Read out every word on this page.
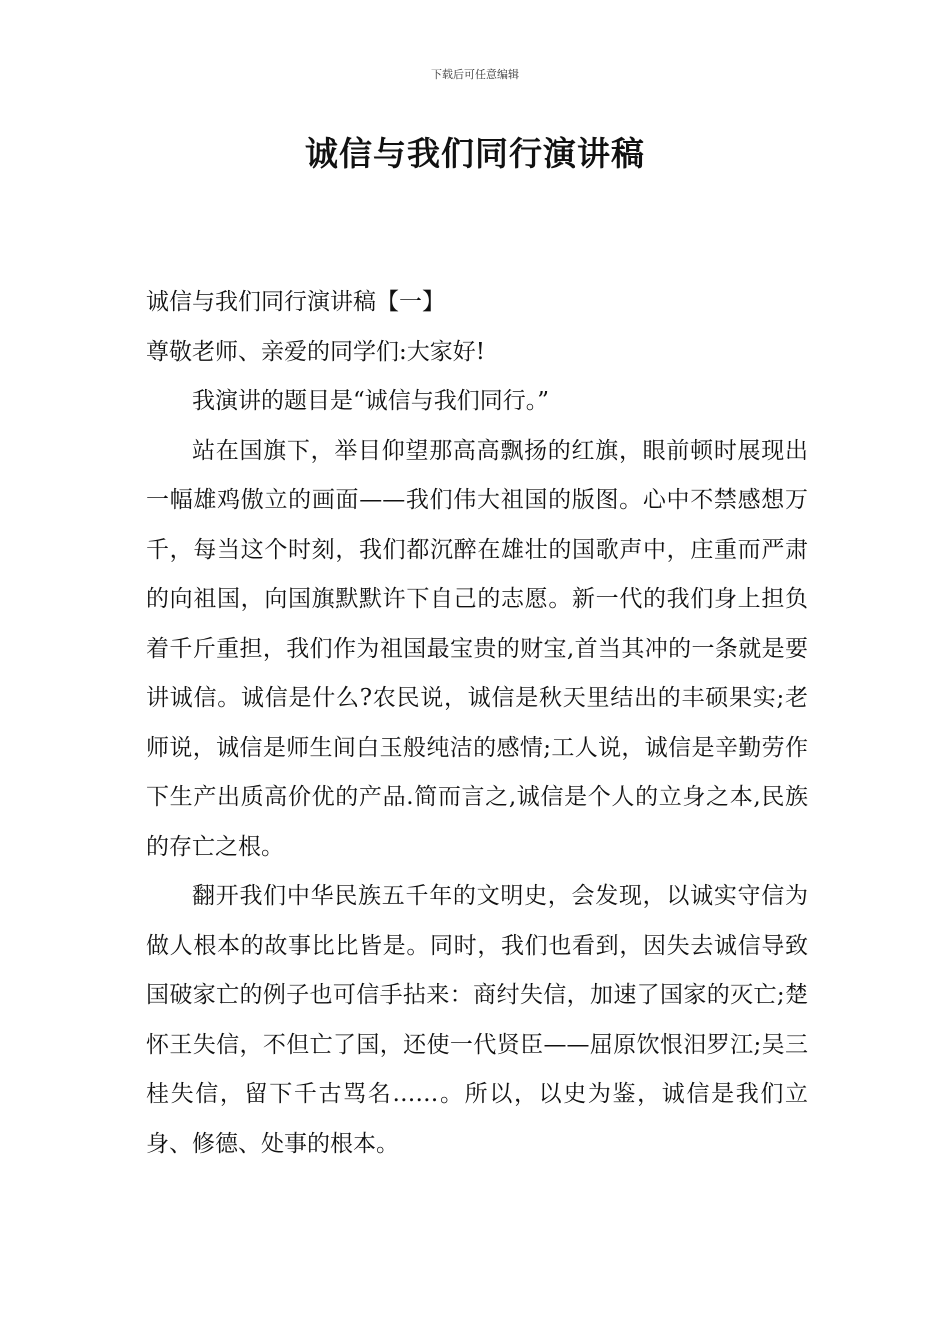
下载后可任意编辑
诚信与我们同行演讲稿

诚信与我们同行演讲稿【一】

尊敬老师、亲爱的同学们:大家好!

我演讲的题目是“诚信与我们同行。”

站在国旗下，举目仰望那高高飘扬的红旗，眼前顿时展现出一幅雄鸡傲立的画面——我们伟大祖国的版图。心中不禁感想万千，每当这个时刻，我们都沉醉在雄壮的国歌声中，庄重而严肃的向祖国，向国旗默默许下自己的志愿。新一代的我们身上担负着千斤重担，我们作为祖国最宝贵的财宝,首当其冲的一条就是要讲诚信。诚信是什么?农民说，诚信是秋天里结出的丰硕果实;老师说，诚信是师生间白玉般纯洁的感情;工人说，诚信是辛勤劳作下生产出质高价优的产品.简而言之,诚信是个人的立身之本,民族的存亡之根。

翻开我们中华民族五千年的文明史，会发现，以诚实守信为做人根本的故事比比皆是。同时，我们也看到，因失去诚信导致国破家亡的例子也可信手拈来：商纣失信，加速了国家的灭亡;楚怀王失信，不但亡了国，还使一代贤臣——屈原饮恨汨罗江;吴三桂失信，留下千古骂名……。所以，以史为鉴，诚信是我们立身、修德、处事的根本。
